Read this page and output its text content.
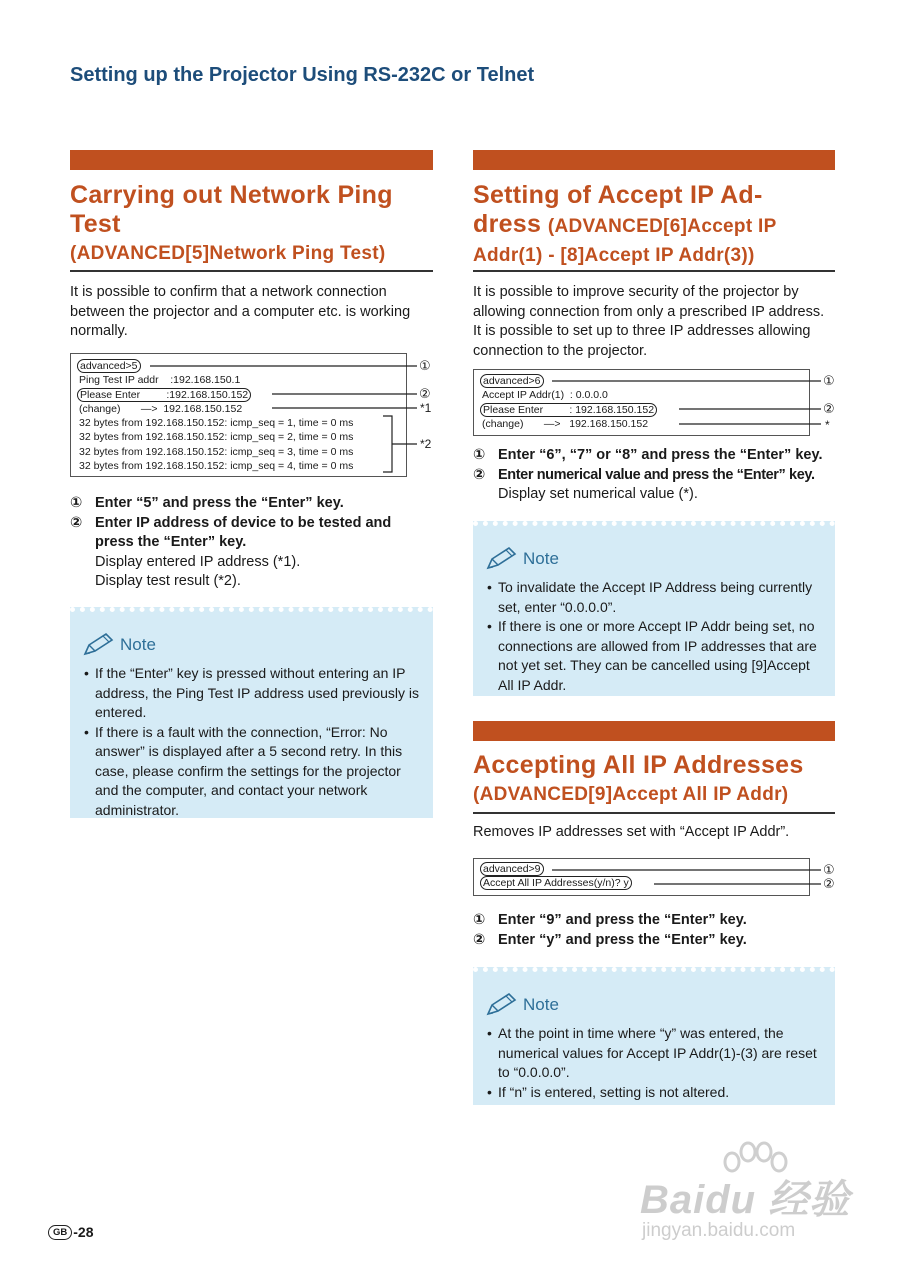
Setting up the Projector Using RS-232C or Telnet
Carrying out Network Ping
Test
(ADVANCED[5]Network Ping Test)

It is possible to confirm that a network connection between the projector and a computer etc. is working normally.

advanced>5
Ping Test IP addr    :192.168.150.1
Please Enter         :192.168.150.152
(change)       —>  192.168.150.152
32 bytes from 192.168.150.152: icmp_seq = 1, time = 0 ms
32 bytes from 192.168.150.152: icmp_seq = 2, time = 0 ms
32 bytes from 192.168.150.152: icmp_seq = 3, time = 0 ms
32 bytes from 192.168.150.152: icmp_seq = 4, time = 0 ms
①
②
*1
*2
① Enter “5” and press the “Enter” key.
② Enter IP address of device to be tested and press the “Enter” key.
Display entered IP address (*1).
Display test result (*2).
Note
• If the “Enter” key is pressed without entering an IP address, the Ping Test IP address used previously is entered.
• If there is a fault with the connection, “Error: No answer” is displayed after a 5 second retry. In this case, please confirm the settings for the projector and the computer, and contact your network administrator.
Setting of Accept IP Ad-
dress (ADVANCED[6]Accept IP
Addr(1) - [8]Accept IP Addr(3))

It is possible to improve security of the projector by allowing connection from only a prescribed IP address. It is possible to set up to three IP addresses allowing connection to the projector.

advanced>6
Accept IP Addr(1)  : 0.0.0.0
Please Enter         : 192.168.150.152
(change)       —>   192.168.150.152
①
②
*
① Enter “6”, “7” or “8” and press the “Enter” key.
② Enter numerical value and press the “Enter” key.
Display set numerical value (*).
Note
• To invalidate the Accept IP Address being currently set, enter “0.0.0.0”.
• If there is one or more Accept IP Addr being set, no connections are allowed from IP addresses that are not yet set. They can be cancelled using [9]Accept All IP Addr.
Accepting All IP Addresses
(ADVANCED[9]Accept All IP Addr)

Removes IP addresses set with “Accept IP Addr”.

advanced>9
Accept All IP Addresses(y/n)? y
①
②
① Enter “9” and press the “Enter” key.
② Enter “y” and press the “Enter” key.
Note
• At the point in time where “y” was entered, the numerical values for Accept IP Addr(1)-(3) are reset to “0.0.0.0”.
• If “n” is entered, setting is not altered.
GB -28
Baidu 经验
jingyan.baidu.com
